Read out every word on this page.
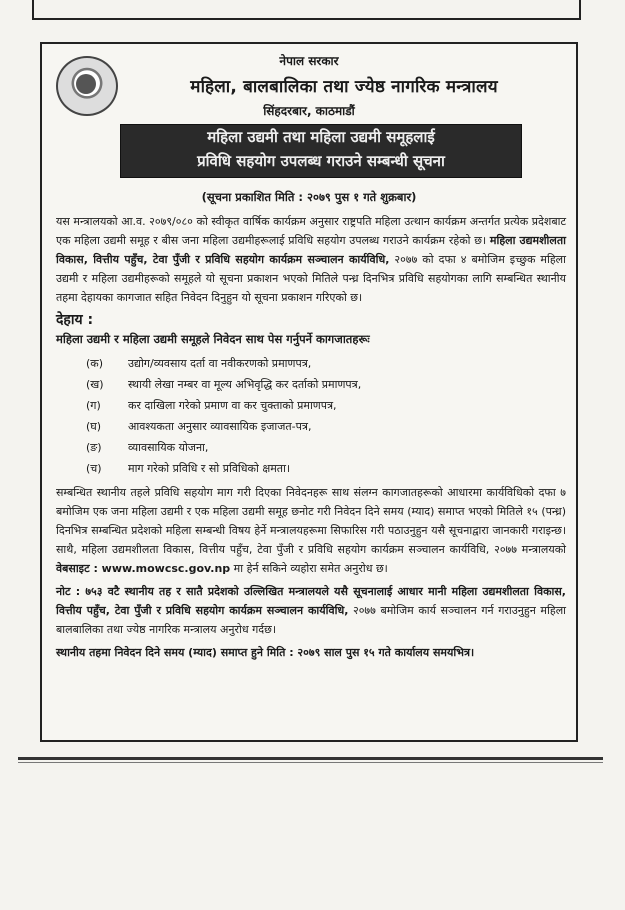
नेपाल सरकार
महिला, बालबालिका तथा ज्येष्ठ नागरिक मन्त्रालय
सिंहदरबार, काठमाडौं
महिला उद्यमी तथा महिला उद्यमी समूहलाई
प्रविधि सहयोग उपलब्ध गराउने सम्बन्धी सूचना
(सूचना प्रकाशित मिति : २०७९ पुस १ गते शुक्रबार)

यस मन्त्रालयको आ.व. २०७९/०८० को स्वीकृत वार्षिक कार्यक्रम अनुसार राष्ट्रपति महिला उत्थान कार्यक्रम अन्तर्गत प्रत्येक प्रदेशबाट एक महिला उद्यमी समूह र बीस जना महिला उद्यमीहरूलाई प्रविधि सहयोग उपलब्ध गराउने कार्यक्रम रहेको छ। महिला उद्यमशीलता विकास, वित्तीय पहुँच, टेवा पुँजी र प्रविधि सहयोग कार्यक्रम सञ्चालन कार्यविधि, २०७७ को दफा ४ बमोजिम इच्छुक महिला उद्यमी र महिला उद्यमीहरूको समूहले यो सूचना प्रकाशन भएको मितिले पन्ध्र दिनभित्र प्रविधि सहयोगका लागि सम्बन्धित स्थानीय तहमा देहायका कागजात सहित निवेदन दिनुहुन यो सूचना प्रकाशन गरिएको छ।

देहाय :

महिला उद्यमी र महिला उद्यमी समूहले निवेदन साथ पेस गर्नुपर्ने कागजातहरूः

(क) उद्योग/व्यवसाय दर्ता वा नवीकरणको प्रमाणपत्र,
(ख) स्थायी लेखा नम्बर वा मूल्य अभिवृद्धि कर दर्ताको प्रमाणपत्र,
(ग) कर दाखिला गरेको प्रमाण वा कर चुक्ताको प्रमाणपत्र,
(घ) आवश्यकता अनुसार व्यावसायिक इजाजत-पत्र,
(ङ) व्यावसायिक योजना,
(च) माग गरेको प्रविधि र सो प्रविधिको क्षमता।

सम्बन्धित स्थानीय तहले प्रविधि सहयोग माग गरी दिएका निवेदनहरू साथ संलग्न कागजातहरूको आधारमा कार्यविधिको दफा ७ बमोजिम एक जना महिला उद्यमी र एक महिला उद्यमी समूह छनोट गरी निवेदन दिने समय (म्याद) समाप्त भएको मितिले १५ (पन्ध्र) दिनभित्र सम्बन्धित प्रदेशको महिला सम्बन्धी विषय हेर्ने मन्त्रालयहरूमा सिफारिस गरी पठाउनुहुन यसै सूचनाद्वारा जानकारी गराइन्छ। साथै, महिला उद्यमशीलता विकास, वित्तीय पहुँच, टेवा पुँजी र प्रविधि सहयोग कार्यक्रम सञ्चालन कार्यविधि, २०७७ मन्त्रालयको वेबसाइट : www.mowcsc.gov.np मा हेर्न सकिने व्यहोरा समेत अनुरोध छ।

नोट : ७५३ वटै स्थानीय तह र सातै प्रदेशको उल्लिखित मन्त्रालयले यसै सूचनालाई आधार मानी महिला उद्यमशीलता विकास, वित्तीय पहुँच, टेवा पुँजी र प्रविधि सहयोग कार्यक्रम सञ्चालन कार्यविधि, २०७७ बमोजिम कार्य सञ्चालन गर्न गराउनुहुन महिला बालबालिका तथा ज्येष्ठ नागरिक मन्त्रालय अनुरोध गर्दछ।

स्थानीय तहमा निवेदन दिने समय (म्याद) समाप्त हुने मिति : २०७९ साल पुस १५ गते कार्यालय समयभित्र।
